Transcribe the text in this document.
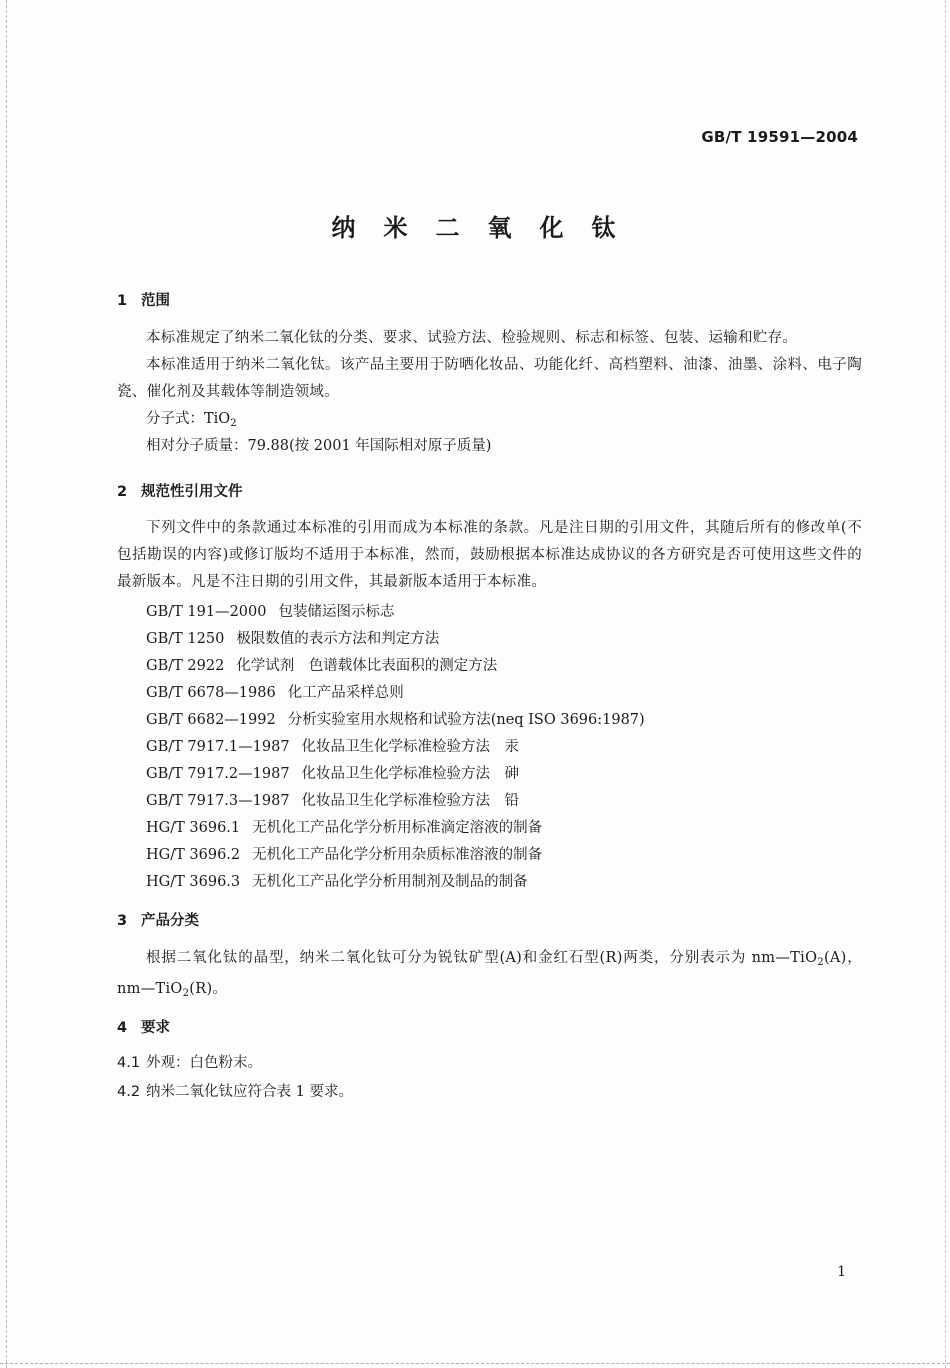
GB/T 19591—2004
纳米二氧化钛
1 范围
本标准规定了纳米二氧化钛的分类、要求、试验方法、检验规则、标志和标签、包装、运输和贮存。
本标准适用于纳米二氧化钛。该产品主要用于防晒化妆品、功能化纤、高档塑料、油漆、油墨、涂料、电子陶瓷、催化剂及其载体等制造领域。
分子式：TiO$_2$
相对分子质量：79.88(按 2001 年国际相对原子质量)
2 规范性引用文件
下列文件中的条款通过本标准的引用而成为本标准的条款。凡是注日期的引用文件，其随后所有的修改单(不包括勘误的内容)或修订版均不适用于本标准，然而，鼓励根据本标准达成协议的各方研究是否可使用这些文件的最新版本。凡是不注日期的引用文件，其最新版本适用于本标准。
GB/T 191—2000 包装储运图示标志
GB/T 1250 极限数值的表示方法和判定方法
GB/T 2922 化学试剂　色谱载体比表面积的测定方法
GB/T 6678—1986 化工产品采样总则
GB/T 6682—1992 分析实验室用水规格和试验方法(neq ISO 3696:1987)
GB/T 7917.1—1987 化妆品卫生化学标准检验方法　汞
GB/T 7917.2—1987 化妆品卫生化学标准检验方法　砷
GB/T 7917.3—1987 化妆品卫生化学标准检验方法　铅
HG/T 3696.1 无机化工产品化学分析用标准滴定溶液的制备
HG/T 3696.2 无机化工产品化学分析用杂质标准溶液的制备
HG/T 3696.3 无机化工产品化学分析用制剂及制品的制备
3 产品分类
根据二氧化钛的晶型，纳米二氧化钛可分为锐钛矿型(A)和金红石型(R)两类，分别表示为 nm—TiO$_2$(A)，nm—TiO$_2$(R)。
4 要求
4.1 外观：白色粉末。
4.2 纳米二氧化钛应符合表 1 要求。
1
